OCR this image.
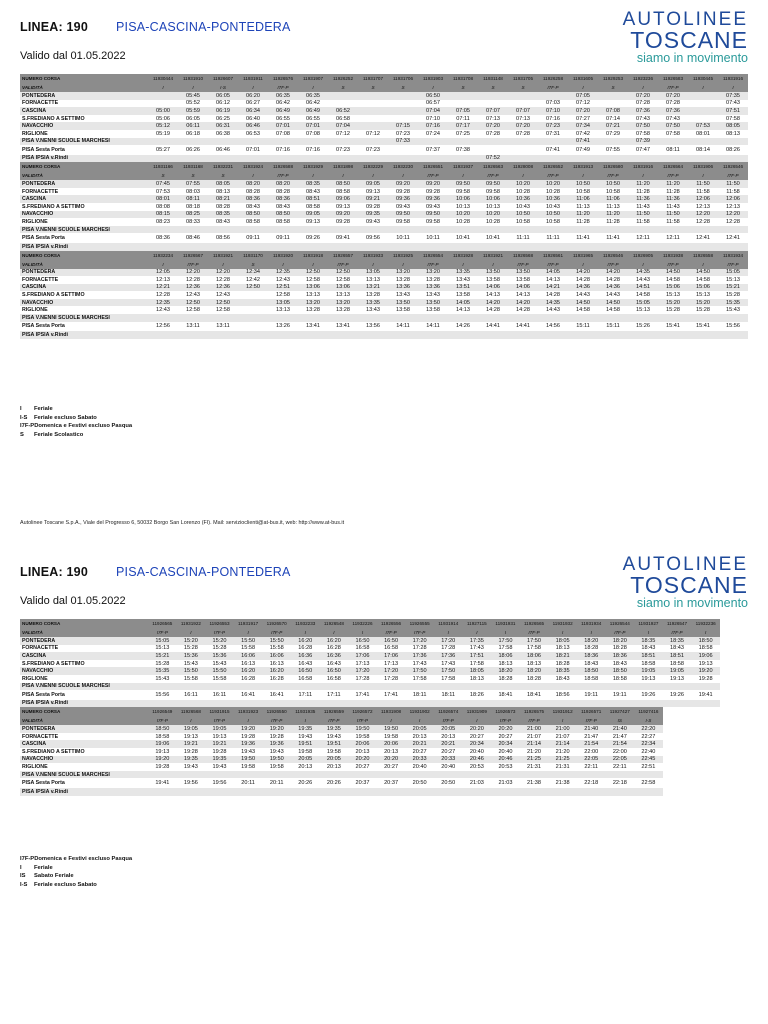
LINEA: 190 PISA-CASCINA-PONTEDERA
Valido dal 01.05.2022
AUTOLINEE
TOSCANE
siamo in movimento
NUMERO CORSA	11930444	11931910	11926607	11931911	11926576	11931907	11926252	11931707	11931706	11931903	11931708	11931148	11931705	11926258	11931605	11929253	11923236	11926583	11930445	11931916
VALIDITÀ	I	I	I-S	I	I7F-P	I	S	S	S	I	S	S	S	I7F-P	I	S	I	I7F-P	I	I
PONTEDERA		05:45	06:05	06:20	06:35	06:35				06:50					07:05		07:20	07:20		07:35
FORNACETTE		05:52	06:12	06:27	06:42	06:42				06:57				07:03	07:12		07:28	07:28		07:43
CASCINA	05:00	05:59	06:19	06:34	06:49	06:49	06:52			07:04	07:05	07:07	07:07	07:10	07:20	07:08	07:36	07:36		07:51
S.FREDIANO A SETTIMO	05:06	06:05	06:25	06:40	06:55	06:55	06:58			07:10	07:11	07:13	07:13	07:16	07:27	07:14	07:43	07:43		07:58
NAVACCHIO	05:12	06:11	06:31	06:46	07:01	07:01	07:04		07:15	07:16	07:17	07:20	07:20	07:23	07:34	07:21	07:50	07:50	07:53	08:05
RIGLIONE	05:19	06:18	06:38	06:53	07:08	07:08	07:12	07:12	07:23	07:24	07:25	07:28	07:28	07:31	07:42	07:29	07:58	07:58	08:01	08:13
PISA V.NENNI SCUOLE MARCHESI									07:33						07:41		07:39			
PISA Sesta Porta	05:27	06:26	06:46	07:01	07:16	07:16	07:23	07:23		07:37	07:38			07:41	07:49	07:55	07:47	08:11	08:14	08:26
PISA IPSIA v.Rindi												07:52								
NUMERO CORSA	11931166	11931168	11932231	11931924	11926588	11931929	11931898	11932229	11932230	11926551	11931937	11926563	11928008	11926552	11931913	11926580	11931916	11926564	11931906	11926546
VALIDITÀ	S	S	S	I	I7F-P	I	I	I	I	I7F-P	I	I7F-P	I	I7F-P	I	I7F-P	I	I7F-P	I	I7F-P
PONTEDERA	07:45	07:55	08:05	08:20	08:20	08:35	08:50	09:05	09:20	09:20	09:50	09:50	10:20	10:20	10:50	10:50	11:20	11:20	11:50	11:50
FORNACETTE	07:53	08:03	08:13	08:28	08:28	08:43	08:58	09:13	09:28	09:28	09:58	09:58	10:28	10:28	10:58	10:58	11:28	11:28	11:58	11:58
CASCINA	08:01	08:11	08:21	08:36	08:36	08:51	09:06	09:21	09:36	09:36	10:06	10:06	10:36	10:36	11:06	11:06	11:36	11:36	12:06	12:06
S.FREDIANO A SETTIMO	08:08	08:18	08:28	08:43	08:43	08:58	09:13	09:28	09:43	09:43	10:13	10:13	10:43	10:43	11:13	11:13	11:43	11:43	12:13	12:13
NAVACCHIO	08:15	08:25	08:35	08:50	08:50	09:05	09:20	09:35	09:50	09:50	10:20	10:20	10:50	10:50	11:20	11:20	11:50	11:50	12:20	12:20
RIGLIONE	08:23	08:33	08:43	08:58	08:58	09:13	09:28	09:43	09:58	09:58	10:28	10:28	10:58	10:58	11:28	11:28	11:58	11:58	12:28	12:28
PISA V.NENNI SCUOLE MARCHESI																				
PISA Sesta Porta	08:36	08:46	08:56	09:11	09:11	09:26	09:41	09:56	10:11	10:11	10:41	10:41	11:11	11:11	11:41	11:41	12:11	12:11	12:41	12:41
PISA IPSIA v.Rindi																				
NUMERO CORSA	11932234	11926567	11931921	11931170	11931920	11931918	11926557	11931933	11931925	11926554	11931928	11931921	11926568	11926561	11931965	11926546	11926905	11931938	11926558	11931934
VALIDITÀ	I	I7F-P	I	S	I	I	I7F-P	I	I	I7F-P	I	I	I7F-P	I7F-P	I	I7F-P	I	I7F-P	I	I7F-P
PONTEDERA	12:05	12:20	12:20	12:34	12:35	12:50	12:50	13:05	13:20	13:20	13:35	13:50	13:50	14:05	14:20	14:20	14:35	14:50	14:50	15:05
FORNACETTE	12:13	12:28	12:28	12:42	12:43	12:58	12:58	13:13	13:28	13:28	13:43	13:58	13:58	14:13	14:28	14:28	14:43	14:58	14:58	15:13
CASCINA	12:21	12:36	12:36	12:50	12:51	13:06	13:06	13:21	13:36	13:36	13:51	14:06	14:06	14:21	14:36	14:36	14:51	15:06	15:06	15:21
S.FREDIANO A SETTIMO	12:28	12:43	12:43		12:58	13:13	13:13	13:28	13:43	13:43	13:58	14:13	14:13	14:28	14:43	14:43	14:58	15:13	15:13	15:28
NAVACCHIO	12:35	12:50	12:50		13:05	13:20	13:20	13:35	13:50	13:50	14:05	14:20	14:20	14:35	14:50	14:50	15:05	15:20	15:20	15:35
RIGLIONE	12:43	12:58	12:58		13:13	13:28	13:28	13:43	13:58	13:58	14:13	14:28	14:28	14:43	14:58	14:58	15:13	15:28	15:28	15:43
PISA V.NENNI SCUOLE MARCHESI																				
PISA Sesta Porta	12:56	13:11	13:11		13:26	13:41	13:41	13:56	14:11	14:11	14:26	14:41	14:41	14:56	15:11	15:11	15:26	15:41	15:41	15:56
PISA IPSIA v.Rindi																				
I Feriale
I-S Feriale escluso Sabato
I7F-PDomenica e Festivi escluso Pasqua
S Feriale Scolastico
Autolinee Toscane S.p.A., Viale del Progresso 6, 50032 Borgo San Lorenzo (FI). Mail: servizioclienti@at-bus.it, web: http://www.at-bus.it
LINEA: 190 PISA-CASCINA-PONTEDERA
Valido dal 01.05.2022
AUTOLINEE
TOSCANE
siamo in movimento
NUMERO CORSA	11926565	11931922	11926553	11931917	11926570	11932233	11926548	11932226	11926556	11926555	11931914	11927115	11931931	11926565	11931932	11931934	11926544	11931927	11926547	11932236
VALIDITÀ	I7F-P	I	I7F-P	I	I7F-P	I	I	I	I7F-P	I7F-P	I	I	I	I7F-P	I	I	I7F-P	I	I7F-P	I
PONTEDERA	15:05	15:20	15:20	15:50	15:50	16:20	16:20	16:50	16:50	17:20	17:20	17:35	17:50	17:50	18:05	18:20	18:20	18:35	18:35	18:50
FORNACETTE	15:13	15:28	15:28	15:58	15:58	16:28	16:28	16:58	16:58	17:28	17:28	17:43	17:58	17:58	18:13	18:28	18:28	18:43	18:43	18:58
CASCINA	15:21	15:36	15:36	16:06	16:06	16:36	16:36	17:06	17:06	17:36	17:36	17:51	18:06	18:06	18:21	18:36	18:36	18:51	18:51	19:06
S.FREDIANO A SETTIMO	15:28	15:43	15:43	16:13	16:13	16:43	16:43	17:13	17:13	17:43	17:43	17:58	18:13	18:13	18:28	18:43	18:43	18:58	18:58	19:13
NAVACCHIO	15:35	15:50	15:50	16:20	16:20	16:50	16:50	17:20	17:20	17:50	17:50	18:05	18:20	18:20	18:35	18:50	18:50	19:05	19:05	19:20
RIGLIONE	15:43	15:58	15:58	16:28	16:28	16:58	16:58	17:28	17:28	17:58	17:58	18:13	18:28	18:28	18:43	18:58	18:58	19:13	19:13	19:28
PISA V.NENNI SCUOLE MARCHESI																				
PISA Sesta Porta	15:56	16:11	16:11	16:41	16:41	17:11	17:11	17:41	17:41	18:11	18:11	18:26	18:41	18:41	18:56	19:11	19:11	19:26	19:26	19:41
PISA IPSIA v.Rindi																				
NUMERO CORSA	11926549	11926568	11931915	11931923	11926550	11931935	11926559	11926572	11931908	11931902	11926574	11931909	11926573	11926575	11931912	11926571	11927427	11927416		
VALIDITÀ	I7F-P	I	I7F-P	I	I7F-P	I	I7F-P	I7F-P	I	I	I7F-P	I	I7F-P	I7F-P	I	I7F-P	IS	I-S		
PONTEDERA	18:50	19:05	19:05	19:20	19:20	19:35	19:35	19:50	19:50	20:05	20:05	20:20	20:20	21:00	21:00	21:40	21:40	22:20		
FORNACETTE	18:58	19:13	19:13	19:28	19:28	19:43	19:43	19:58	19:58	20:13	20:13	20:27	20:27	21:07	21:07	21:47	21:47	22:27		
CASCINA	19:06	19:21	19:21	19:36	19:36	19:51	19:51	20:06	20:06	20:21	20:21	20:34	20:34	21:14	21:14	21:54	21:54	22:34		
S.FREDIANO A SETTIMO	19:13	19:28	19:28	19:43	19:43	19:58	19:58	20:13	20:13	20:27	20:27	20:40	20:40	21:20	21:20	22:00	22:00	22:40		
NAVACCHIO	19:20	19:35	19:35	19:50	19:50	20:05	20:05	20:20	20:20	20:33	20:33	20:46	20:46	21:25	21:25	22:05	22:05	22:45		
RIGLIONE	19:28	19:43	19:43	19:58	19:58	20:13	20:13	20:27	20:27	20:40	20:40	20:53	20:53	21:31	21:31	22:11	22:11	22:51		
PISA V.NENNI SCUOLE MARCHESI																				
PISA Sesta Porta	19:41	19:56	19:56	20:11	20:11	20:26	20:26	20:37	20:37	20:50	20:50	21:03	21:03	21:38	21:38	22:18	22:18	22:58		
PISA IPSIA v.Rindi																				
I7F-PDomenica e Festivi escluso Pasqua
I Feriale
IS Sabato Feriale
I-S Feriale escluso Sabato
